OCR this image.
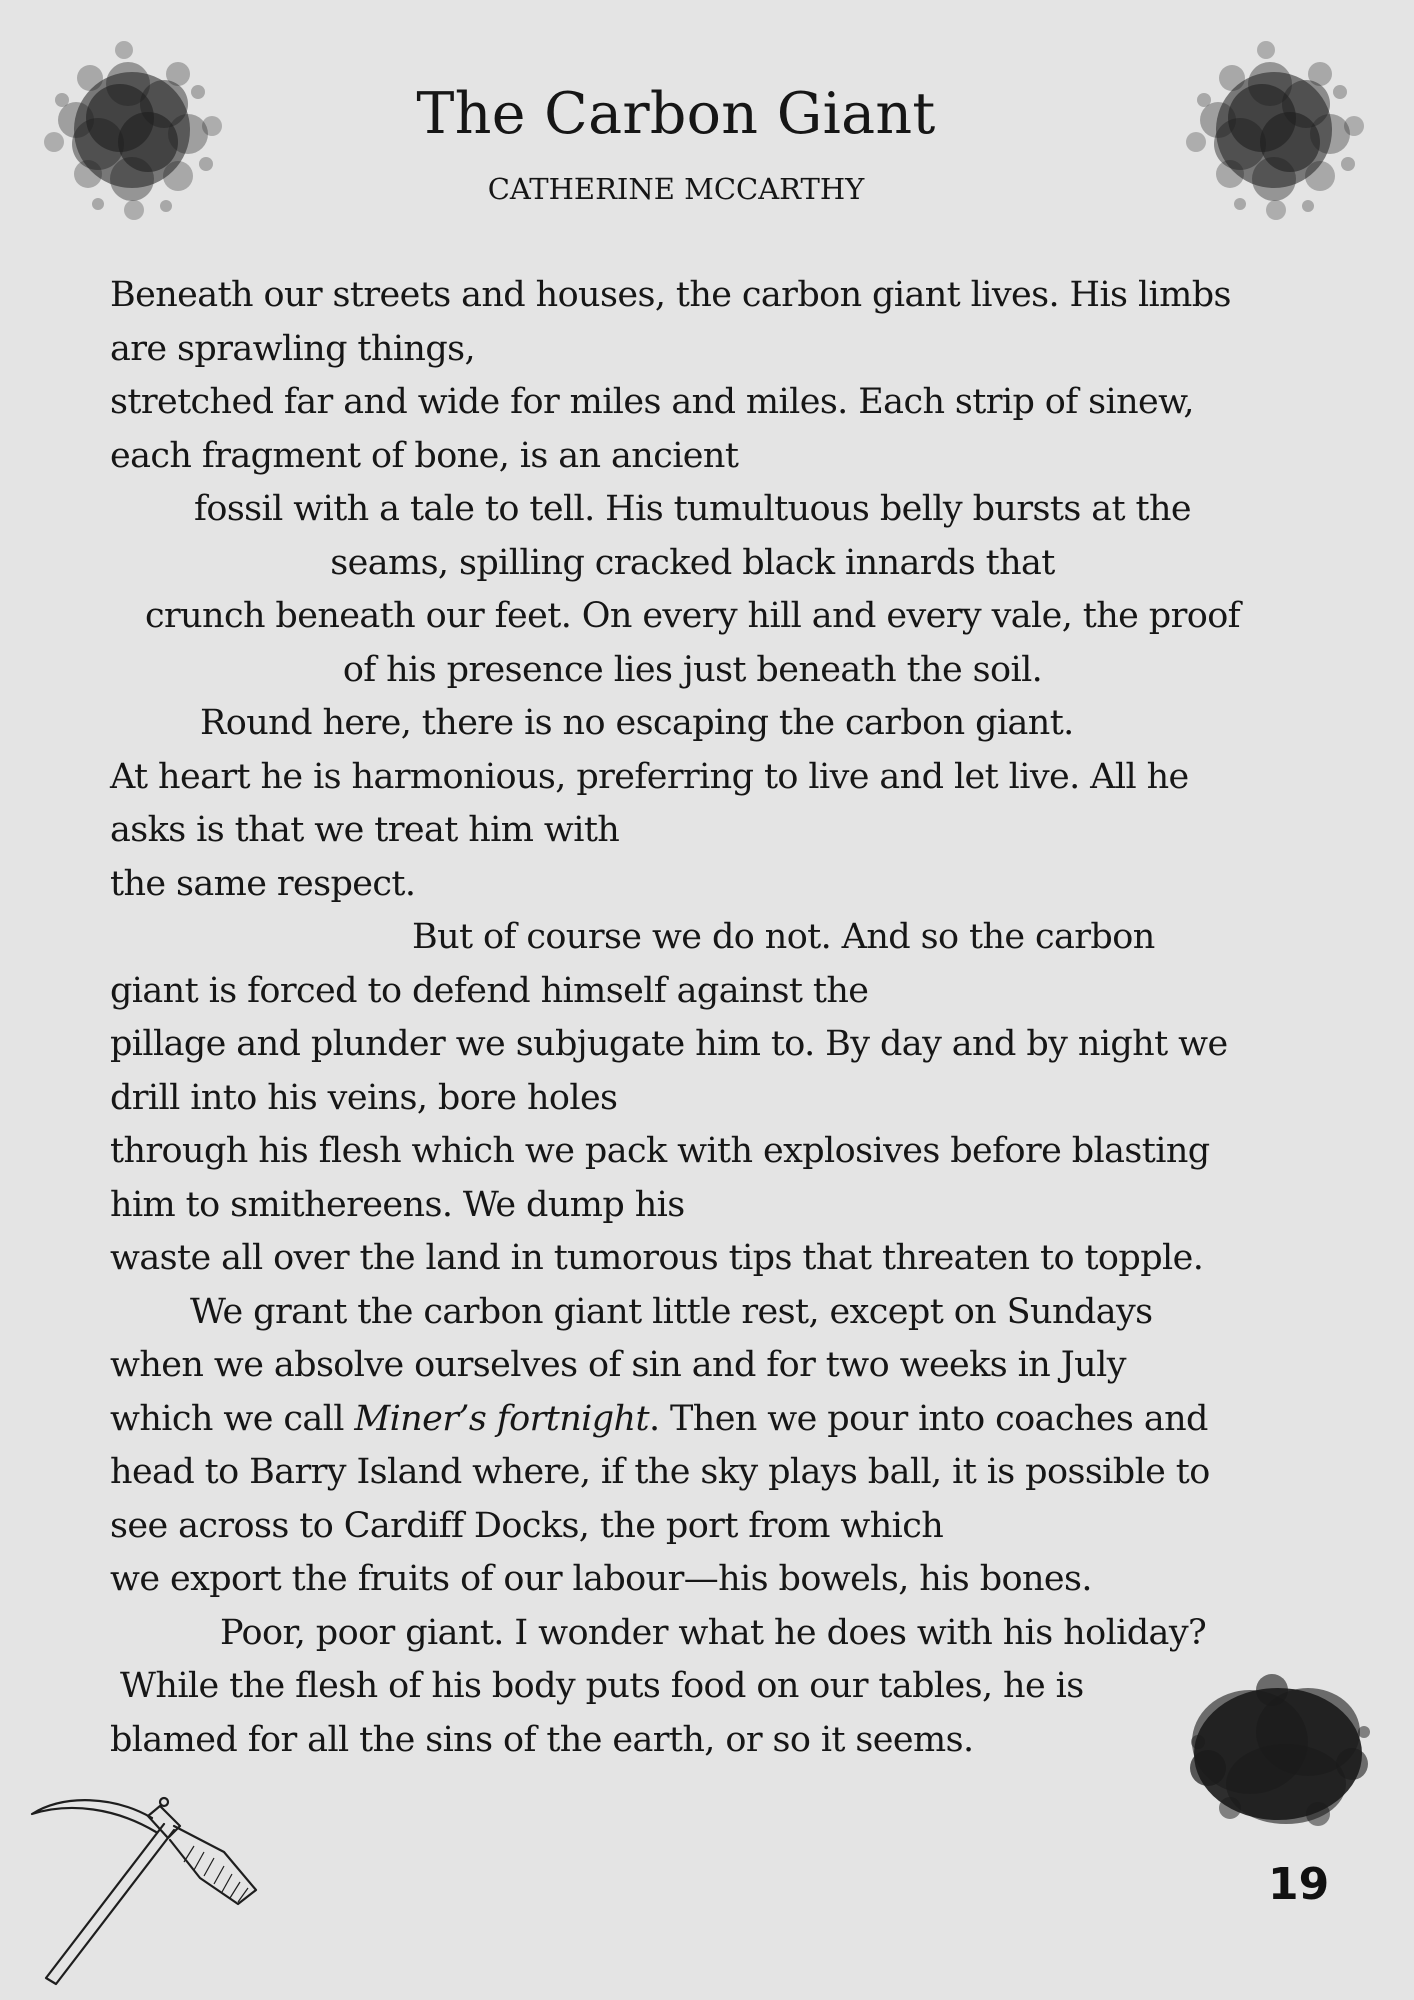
The Carbon Giant
CATHERINE MCCARTHY
Beneath our streets and houses, the carbon giant lives. His limbs
are sprawling things,
stretched far and wide for miles and miles. Each strip of sinew,
each fragment of bone, is an ancient
fossil with a tale to tell. His tumultuous belly bursts at the
seams, spilling cracked black innards that
crunch beneath our feet. On every hill and every vale, the proof
of his presence lies just beneath the soil.
Round here, there is no escaping the carbon giant.
At heart he is harmonious, preferring to live and let live. All he
asks is that we treat him with
the same respect.
But of course we do not. And so the carbon
giant is forced to defend himself against the
pillage and plunder we subjugate him to. By day and by night we
drill into his veins, bore holes
through his flesh which we pack with explosives before blasting
him to smithereens. We dump his
waste all over the land in tumorous tips that threaten to topple.
We grant the carbon giant little rest, except on Sundays
when we absolve ourselves of sin and for two weeks in July
which we call Miner’s fortnight. Then we pour into coaches and
head to Barry Island where, if the sky plays ball, it is possible to
see across to Cardiff Docks, the port from which
we export the fruits of our labour—his bowels, his bones.
Poor, poor giant. I wonder what he does with his holiday?
While the flesh of his body puts food on our tables, he is
blamed for all the sins of the earth, or so it seems.
19
